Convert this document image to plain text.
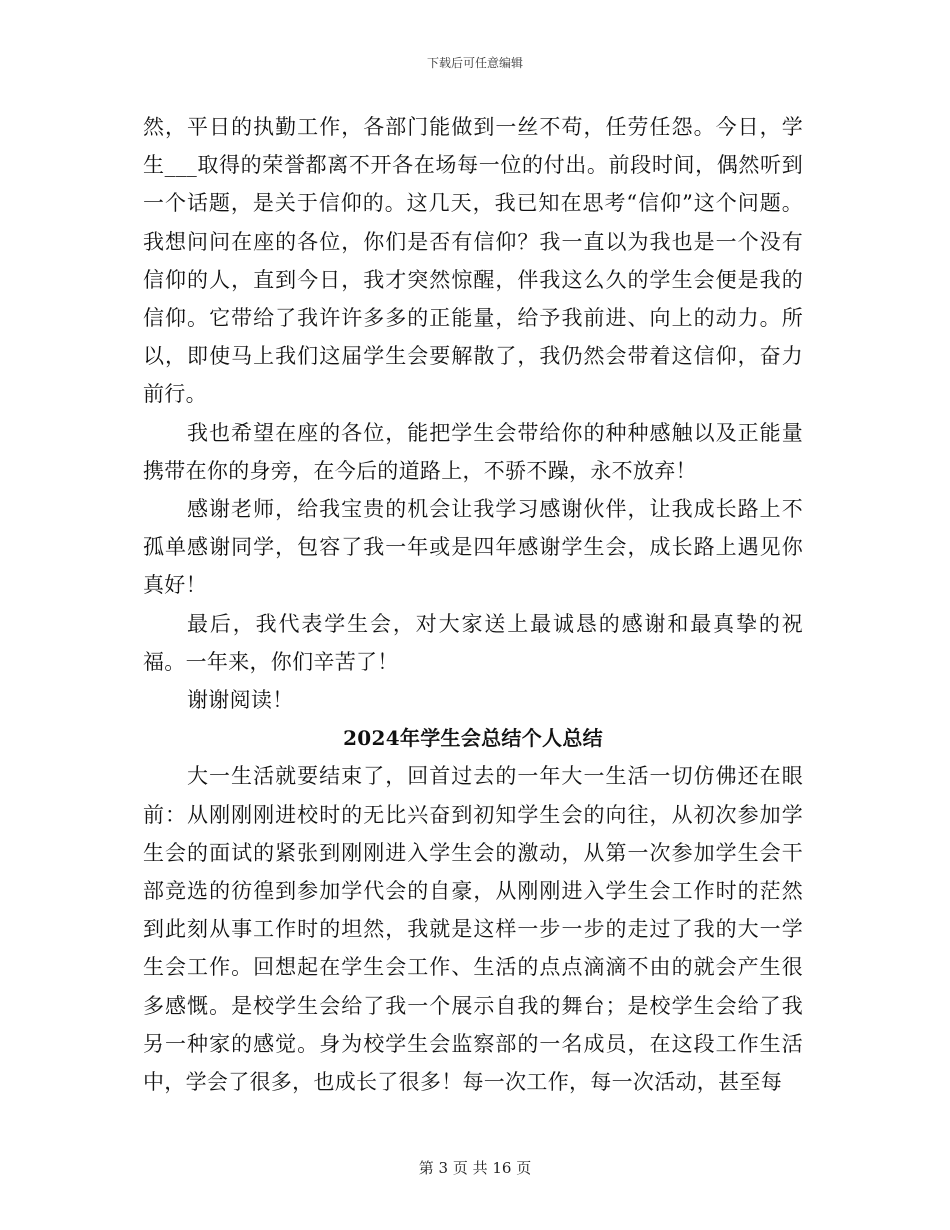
下载后可任意编辑

然，平日的执勤工作，各部门能做到一丝不苟，任劳任怨。今日，学生___取得的荣誉都离不开各在场每一位的付出。前段时间，偶然听到一个话题，是关于信仰的。这几天，我已知在思考“信仰”这个问题。我想问问在座的各位，你们是否有信仰？我一直以为我也是一个没有信仰的人，直到今日，我才突然惊醒，伴我这么久的学生会便是我的信仰。它带给了我许许多多的正能量，给予我前进、向上的动力。所以，即使马上我们这届学生会要解散了，我仍然会带着这信仰，奋力前行。

我也希望在座的各位，能把学生会带给你的种种感触以及正能量携带在你的身旁，在今后的道路上，不骄不躁，永不放弃！

感谢老师，给我宝贵的机会让我学习感谢伙伴，让我成长路上不孤单感谢同学，包容了我一年或是四年感谢学生会，成长路上遇见你真好！

最后，我代表学生会，对大家送上最诚恳的感谢和最真挚的祝福。一年来，你们辛苦了！

谢谢阅读！

2024年学生会总结个人总结

大一生活就要结束了，回首过去的一年大一生活一切仿佛还在眼前：从刚刚刚进校时的无比兴奋到初知学生会的向往，从初次参加学生会的面试的紧张到刚刚进入学生会的激动，从第一次参加学生会干部竞选的彷徨到参加学代会的自豪，从刚刚进入学生会工作时的茫然到此刻从事工作时的坦然，我就是这样一步一步的走过了我的大一学生会工作。回想起在学生会工作、生活的点点滴滴不由的就会产生很多感慨。是校学生会给了我一个展示自我的舞台；是校学生会给了我另一种家的感觉。身为校学生会监察部的一名成员，在这段工作生活中，学会了很多，也成长了很多！每一次工作，每一次活动，甚至每

第 3 页 共 16 页
